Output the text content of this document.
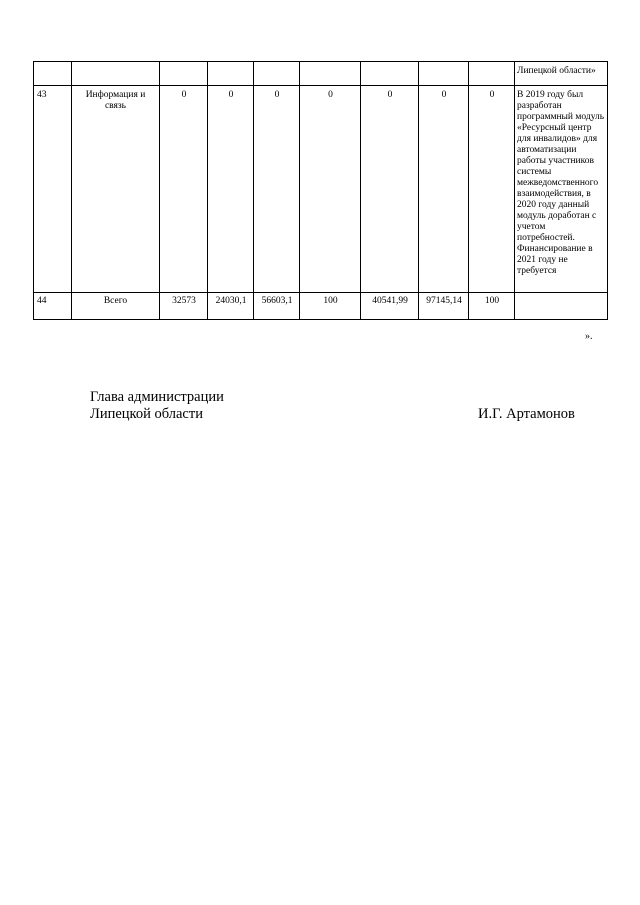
									Липецкой области»
43	Информация и связь	0	0	0	0	0	0	0	В 2019 году был разработан программный модуль «Ресурсный центр для инвалидов» для автоматизации работы участников системы межведомственного взаимодействия, в 2020 году данный модуль доработан с учетом потребностей. Финансирование в 2021 году не требуется
44	Всего	32573	24030,1	56603,1	100	40541,99	97145,14	100	
».
Глава администрации
Липецкой области	И.Г. Артамонов
